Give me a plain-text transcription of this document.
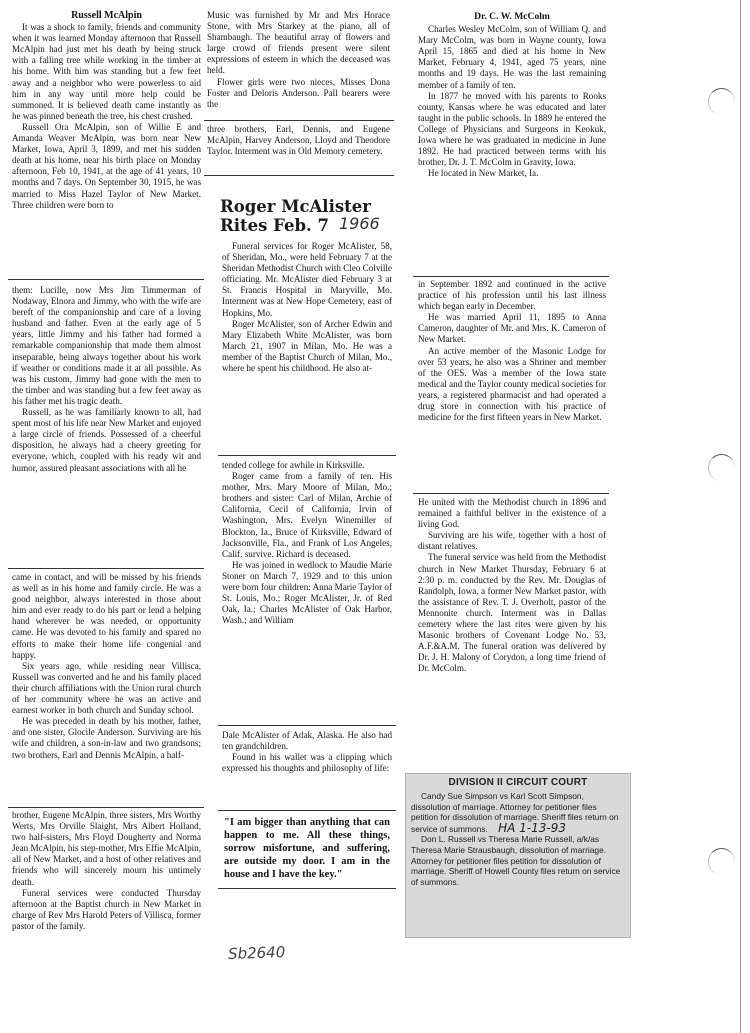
Russell McAlpin

It was a shock to family, friends and community when it was learned Monday afternoon that Russell McAlpin had just met his death by being struck with a falling tree while working in the timber at his home. With him was standing but a few feet away and a neighbor who were powerless to aid him in any way until more help could be summoned. It is believed death came instantly as he was pinned beneath the tree, his chest crushed.

Russell Ora McAlpin, son of Willie E and Amanda Weaver McAlpin, was born near New Market, Iowa, April 3, 1899, and met his sudden death at his home, near his birth place on Monday afternoon, Feb 10, 1941, at the age of 41 years, 10 months and 7 days. On September 30, 1915, he was married to Miss Hazel Taylor of New Market. Three children were born to

them: Lucille, now Mrs Jim Timmerman of Nodaway, Elnora and Jimmy, who with the wife are bereft of the companionship and care of a loving husband and father. Even at the early age of 5 years, little Jimmy and his father had formed a remarkable companionship that made them almost inseparable, being always together about his work if weather or conditions made it at all possible. As was his custom, Jimmy had gone with the men to the timber and was standing but a few feet away as his father met his tragic death.

Russell, as he was familiarly known to all, had spent most of his life near New Market and enjoyed a large circle of friends. Possessed of a cheerful disposition, he always had a cheery greeting for everyone, which, coupled with his ready wit and humor, assured pleasant associations with all he

came in contact, and will be missed by his friends as well as in his home and family circle. He was a good neighbor, always interested in those about him and ever ready to do his part or lend a helping hand wherever he was needed, or opportunity came. He was devoted to his family and spared no efforts to make their home life congenial and happy.

Six years ago, while residing near Villisca, Russell was converted and he and his family placed their church affiliations with the Union rural church of her community where he was an active and earnest worker in both church and Sunday school.

He was preceded in death by his mother, father, and one sister, Glocile Anderson. Surviving are his wife and children, a son-in-law and two grandsons; two brothers, Earl and Dennis McAlpin, a half-

brother, Eugene McAlpin, three sisters, Mrs Worthy Werts, Mrs Orville Slaight, Mrs Albert Holland, two half-sisters, Mrs Floyd Dougherty and Norma Jean McAlpin, his step-mother, Mrs Effie McAlpin, all of New Market, and a host of other relatives and friends who will sincerely mourn his untimely death.

Funeral services were conducted Thursday afternoon at the Baptist church in New Market in charge of Rev Mrs Harold Peters of Villisca, former pastor of the family.

Music was furnished by Mr and Mrs Horace Stone, with Mrs Starkey at the piano, all of Shambaugh. The beautiful array of flowers and large crowd of friends present were silent expressions of esteem in which the deceased was held.

Flower girls were two nieces, Misses Dona Foster and Deloris Anderson. Pall bearers were the

three brothers, Earl, Dennis, and Eugene McAlpin, Harvey Anderson, Lloyd and Theodore Taylor. Interment was in Old Memory cemetery.

Roger McAlister Rites Feb. 7 1966

Funeral services for Roger McAlister, 58, of Sheridan, Mo., were held February 7 at the Sheridan Methodist Church with Cleo Colville officiating. Mr. McAlister died February 3 at St. Francis Hospital in Maryville, Mo. Interment was at New Hope Cemetery, east of Hopkins, Mo.

Roger McAlister, son of Archer Edwin and Mary Elizabeth White McAlister, was born March 21, 1907 in Milan, Mo. He was a member of the Baptist Church of Milan, Mo., where he spent his childhood. He also at-

tended college for awhile in Kirksville.

Roger came from a family of ten. His mother, Mrs. Mary Moore of Milan, Mo.; brothers and sister: Carl of Milan, Archie of California, Cecil of California, Irvin of Washington, Mrs. Evelyn Winemiller of Blockton, Ia., Bruce of Kirksville, Edward of Jacksonville, Fla., and Frank of Los Angeles, Calif. survive. Richard is deceased.

He was joined in wedlock to Maudie Marie Stoner on March 7, 1929 and to this union were born four children: Anna Marie Taylor of St. Louis, Mo.; Roger McAlister, Jr. of Red Oak, Ia.; Charles McAlister of Oak Harbor, Wash.; and William

Dale McAlister of Adak, Alaska. He also had ten grandchildren.

Found in his wallet was a clipping which expressed his thoughts and philosophy of life:

"I am bigger than anything that can happen to me. All these things, sorrow misfortune, and suffering, are outside my door. I am in the house and I have the key."

Dr. C. W. McColm

Charles Wesley McColm, son of William Q. and Mary McColm, was born in Wayne county, Iowa April 15, 1865 and died at his home in New Market, February 4, 1941, aged 75 years, nine months and 19 days. He was the last remaining member of a family of ten.

In 1877 he moved with his parents to Rooks county, Kansas where he was educated and later taught in the public schools. In 1889 he entered the College of Physicians and Surgeons in Keokuk, Iowa where he was graduated in medicine in June 1892. He had practiced between terms with his brother, Dr. J. T. McColm in Gravity, Iowa.

He located in New Market, Ia.

in September 1892 and continued in the active practice of his profession until his last illness which began early in December.

He was married April 11, 1895 to Anna Cameron, daughter of Mr. and Mrs. K. Cameron of New Market.

An active member of the Masonic Lodge for over 53 years, he also was a Shriner and member of the OES. Was a member of the Iowa state medical and the Taylor county medical societies for years, a registered pharmacist and had operated a drug store in connection with his practice of medicine for the first fifteen years in New Market.

He united with the Methodist church in 1896 and remained a faithful beliver in the existence of a living God.

Surviving are his wife, together with a host of distant relatives.

The funeral service was held from the Methodist church in New Market Thursday, February 6 at 2:30 p. m. conducted by the Rev. Mr. Douglas of Randolph, Iowa, a former New Market pastor, with the assistance of Rev. T. J. Overholt, pastor of the Mennonite church. Interment was in Dallas cemetery where the last rites were given by his Masonic brothers of Covenant Lodge No. 53, A.F.&A.M. The funeral oration was delivered by Dr. J. H. Malony of Corydon, a long time friend of Dr. McColm.

DIVISION II CIRCUIT COURT

Candy Sue Simpson vs Karl Scott Simpson, dissolution of marriage. Attorney for petitioner files petition for dissolution of marriage. Sheriff files return on service of summons. HA 1-13-93

Don L. Russell vs Theresa Marie Russell, a/k/as Theresa Marie Strausbaugh, dissolution of marriage. Attorney for petitioner files petition for dissolution of marriage. Sheriff of Howell County files return on service of summons.

Sb2640
